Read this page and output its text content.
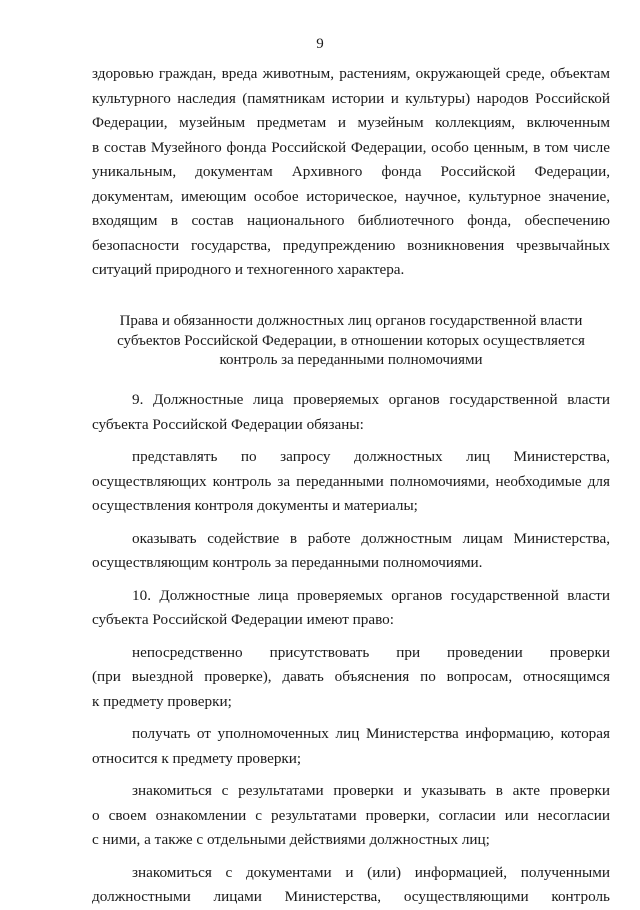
9
здоровью граждан, вреда животным, растениям, окружающей среде, объектам
культурного наследия (памятникам истории и культуры) народов Российской
Федерации, музейным предметам и музейным коллекциям, включенным
в состав Музейного фонда Российской Федерации, особо ценным, в том числе
уникальным, документам Архивного фонда Российской Федерации,
документам, имеющим особое историческое, научное, культурное значение,
входящим в состав национального библиотечного фонда, обеспечению
безопасности государства, предупреждению возникновения чрезвычайных
ситуаций природного и техногенного характера.
Права и обязанности должностных лиц органов государственной власти
субъектов Российской Федерации, в отношении которых осуществляется
контроль за переданными полномочиями
9. Должностные лица проверяемых органов государственной власти
субъекта Российской Федерации обязаны:
представлять по запросу должностных лиц Министерства,
осуществляющих контроль за переданными полномочиями, необходимые для
осуществления контроля документы и материалы;
оказывать содействие в работе должностным лицам Министерства,
осуществляющим контроль за переданными полномочиями.
10. Должностные лица проверяемых органов государственной власти
субъекта Российской Федерации имеют право:
непосредственно присутствовать при проведении проверки
(при выездной проверке), давать объяснения по вопросам, относящимся
к предмету проверки;
получать от уполномоченных лиц Министерства информацию, которая
относится к предмету проверки;
знакомиться с результатами проверки и указывать в акте проверки
о своем ознакомлении с результатами проверки, согласии или несогласии
с ними, а также с отдельными действиями должностных лиц;
знакомиться с документами и (или) информацией, полученными
должностными лицами Министерства, осуществляющими контроль
